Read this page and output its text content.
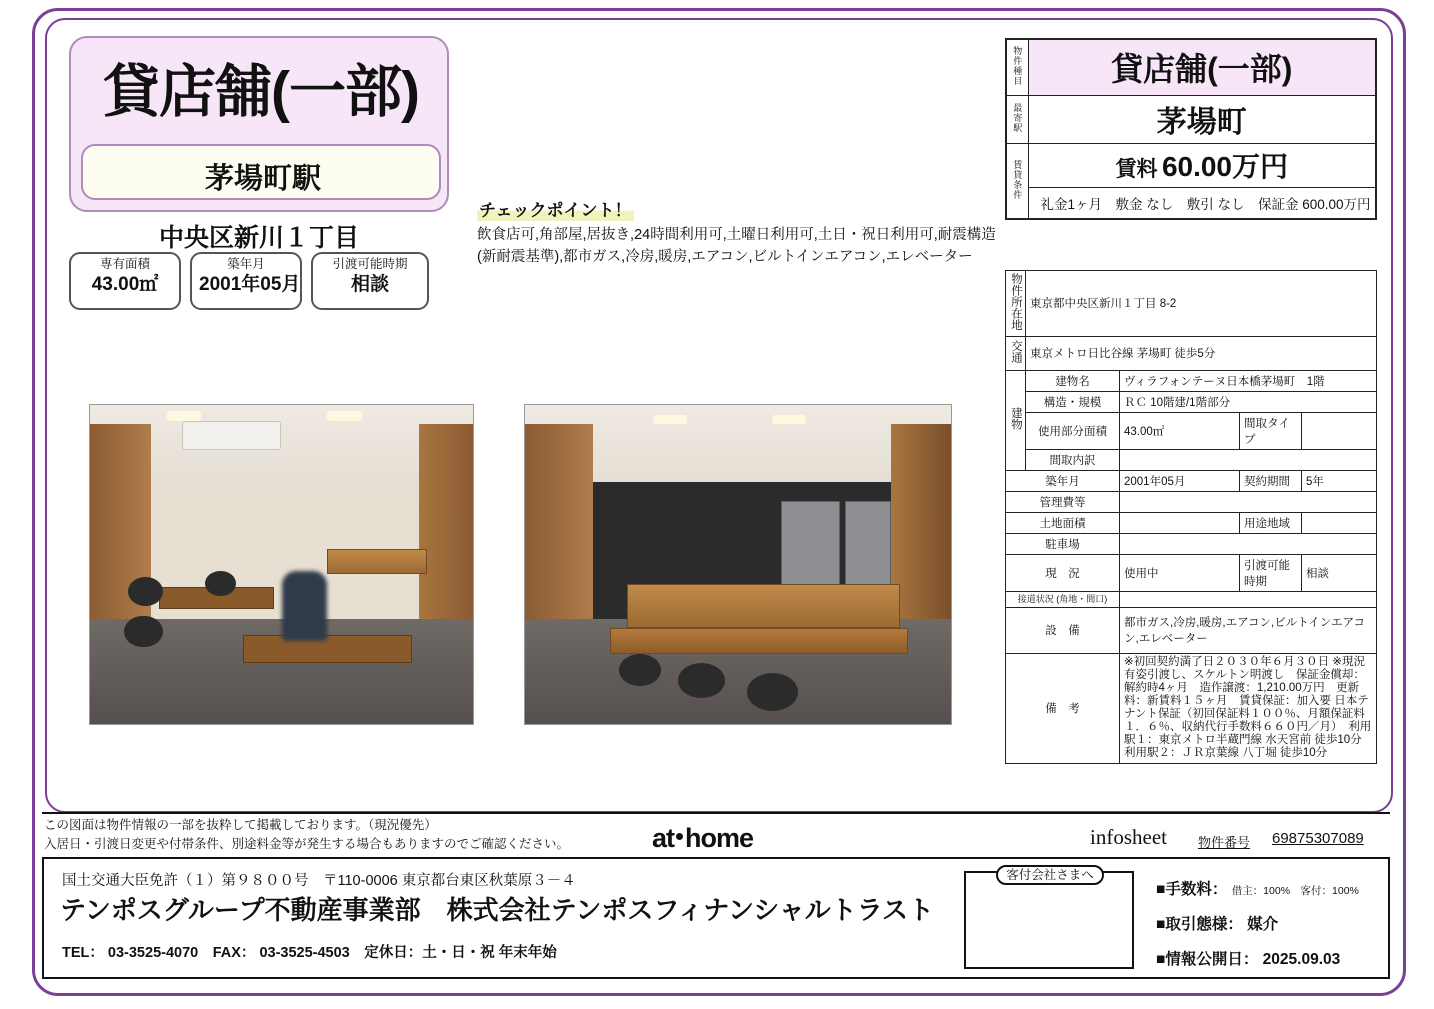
貸店舗(一部)
茅場町駅
中央区新川１丁目
専有面積
43.00㎡
築年月
2001年05月
引渡可能時期
相談
チェックポイント！
飲食店可,角部屋,居抜き,24時間利用可,土曜日利用可,土日・祝日利用可,耐震構造(新耐震基準),都市ガス,冷房,暖房,エアコン,ビルトインエアコン,エレベーター
物件種目	貸店舗(一部)
最寄駅	茅場町
賃貸条件	賃料 60.00万円
	礼金1ヶ月　敷金 なし　敷引 なし　保証金 600.00万円
物件所在地	東京都中央区新川１丁目 8-2			
交通	東京メトロ日比谷線 茅場町 徒歩5分			
建物	建物名	ヴィラフォンテーヌ日本橋茅場町　1階		
	構造・規模	ＲＣ 10階建/1階部分		
	使用部分面積	43.00㎡	間取タイプ	
	間取内訳			
築年月		2001年05月	契約期間	5年
管理費等				
土地面積			用途地域	
駐車場				
現　況		使用中	引渡可能時期	相談
接道状況 (角地・間口)				
設　備		都市ガス,冷房,暖房,エアコン,ビルトインエアコン,エレベーター		
備　考		※初回契約満了日２０３０年６月３０日 ※現況有姿引渡し、スケルトン明渡し　保証金償却：解約時4ヶ月　造作譲渡：1,210.00万円　更新料：新賃料１５ヶ月　賃貸保証：加入要 日本テナント保証（初回保証料１００％、月額保証料１．６％、収納代行手数料６６０円／月）　利用駅１：東京メトロ半蔵門線 水天宮前 徒歩10分　利用駅２：ＪＲ京葉線 八丁堀 徒歩10分		
この図面は物件情報の一部を抜粋して掲載しております。（現況優先）
入居日・引渡日変更や付帯条件、別途料金等が発生する場合もありますのでご確認ください。	at home	infosheet 物件番号 69875307089
国土交通大臣免許（１）第９８００号　〒110-0006 東京都台東区秋葉原３－４
テンポスグループ不動産事業部　株式会社テンポスフィナンシャルトラスト
TEL： 03-3525-4070　FAX： 03-3525-4503　定休日：土・日・祝 年末年始
客付会社さまへ
■手数料： 借主：100%　客付：100%
■取引態様： 媒介
■情報公開日： 2025.09.03
